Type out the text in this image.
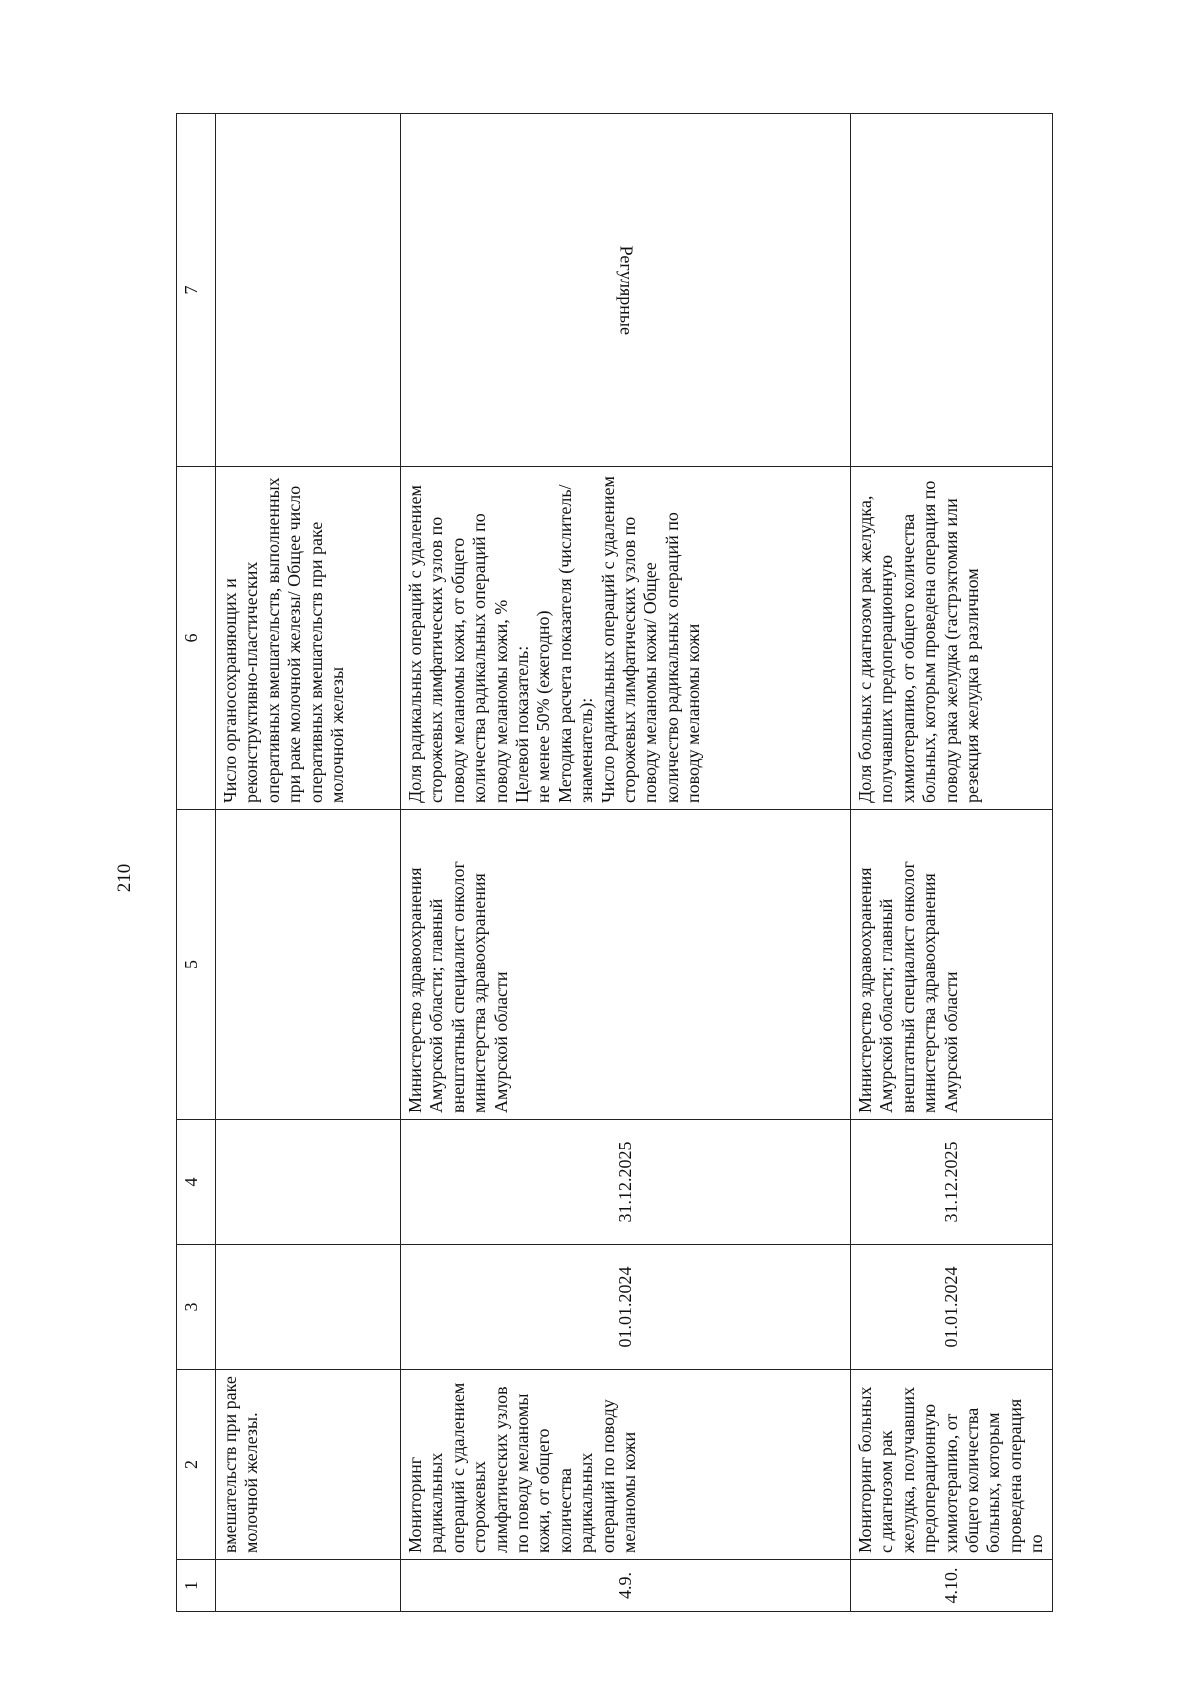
210
1	2	3	4	5	6	7
	вмешательств при раке молочной железы.				Число органосохраняющих и реконструктивно-пластических оперативных вмешательств, выполненных при раке молочной железы/ Общее число оперативных вмешательств при раке молочной железы	
4.9.	Мониторинг радикальных операций с удалением сторожевых лимфатических узлов по поводу меланомы кожи, от общего количества радикальных операций по поводу меланомы кожи	01.01.2024	31.12.2025	Министерство здравоохранения Амурской области; главный внештатный специалист онколог министерства здравоохранения Амурской области	Доля радикальных операций с удалением сторожевых лимфатических узлов по поводу меланомы кожи, от общего количества радикальных операций по поводу меланомы кожи, %
Целевой показатель:
не менее 50% (ежегодно)
Методика расчета показателя (числитель/знаменатель):
Число радикальных операций с удалением сторожевых лимфатических узлов по поводу меланомы кожи/ Общее количество радикальных операций по поводу меланомы кожи	Регулярные
4.10.	Мониторинг больных с диагнозом рак желудка, получавших предоперационную химиотерапию, от общего количества больных, которым проведена операция по	01.01.2024	31.12.2025	Министерство здравоохранения Амурской области; главный внештатный специалист онколог министерства здравоохранения Амурской области	Доля больных с диагнозом рак желудка, получавших предоперационную химиотерапию, от общего количества больных, которым проведена операция по поводу рака желудка (гастрэктомия или резекция желудка в различном	
